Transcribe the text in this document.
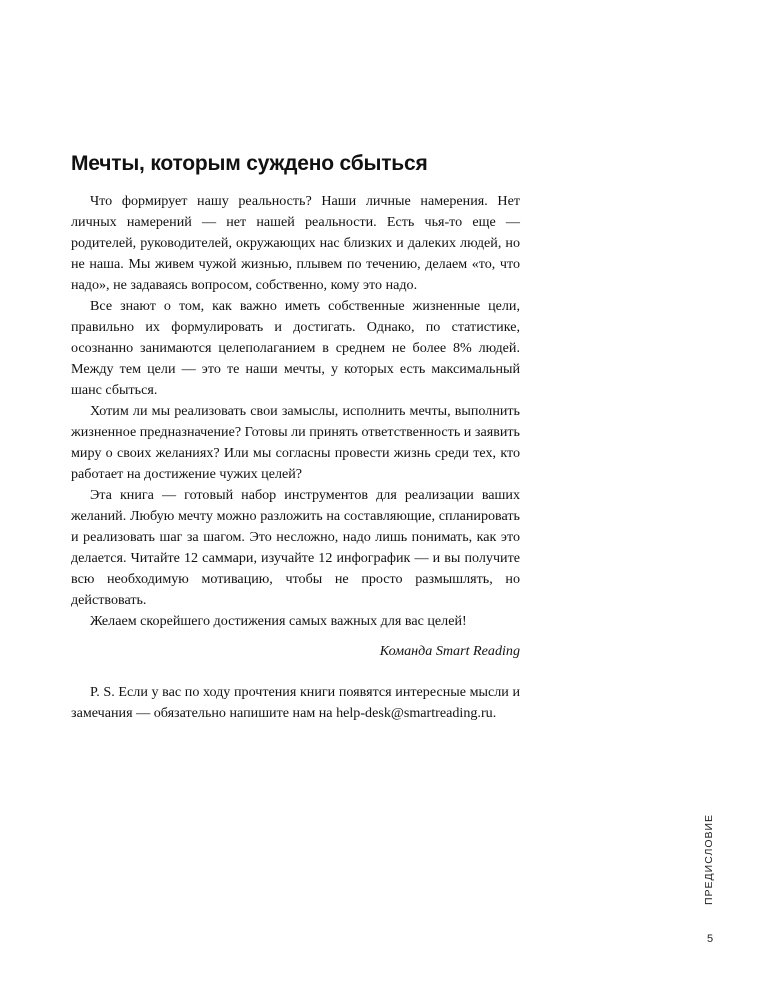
Мечты, которым суждено сбыться

Что формирует нашу реальность? Наши личные намерения. Нет личных намерений — нет нашей реальности. Есть чья-то еще — родителей, руководителей, окружающих нас близких и далеких людей, но не наша. Мы живем чужой жизнью, плывем по течению, делаем «то, что надо», не задаваясь вопросом, собственно, кому это надо.

Все знают о том, как важно иметь собственные жизненные цели, правильно их формулировать и достигать. Однако, по статистике, осознанно занимаются целеполаганием в среднем не более 8% людей. Между тем цели — это те наши мечты, у которых есть максимальный шанс сбыться.

Хотим ли мы реализовать свои замыслы, исполнить мечты, выполнить жизненное предназначение? Готовы ли принять ответственность и заявить миру о своих желаниях? Или мы согласны провести жизнь среди тех, кто работает на достижение чужих целей?

Эта книга — готовый набор инструментов для реализации ваших желаний. Любую мечту можно разложить на составляющие, спланировать и реализовать шаг за шагом. Это несложно, надо лишь понимать, как это делается. Читайте 12 саммари, изучайте 12 инфографик — и вы получите всю необходимую мотивацию, чтобы не просто размышлять, но действовать.

Желаем скорейшего достижения самых важных для вас целей!

Команда Smart Reading

P. S. Если у вас по ходу прочтения книги появятся интересные мысли и замечания — обязательно напишите нам на help-desk@smartreading.ru.

ПРЕДИСЛОВИЕ
5
